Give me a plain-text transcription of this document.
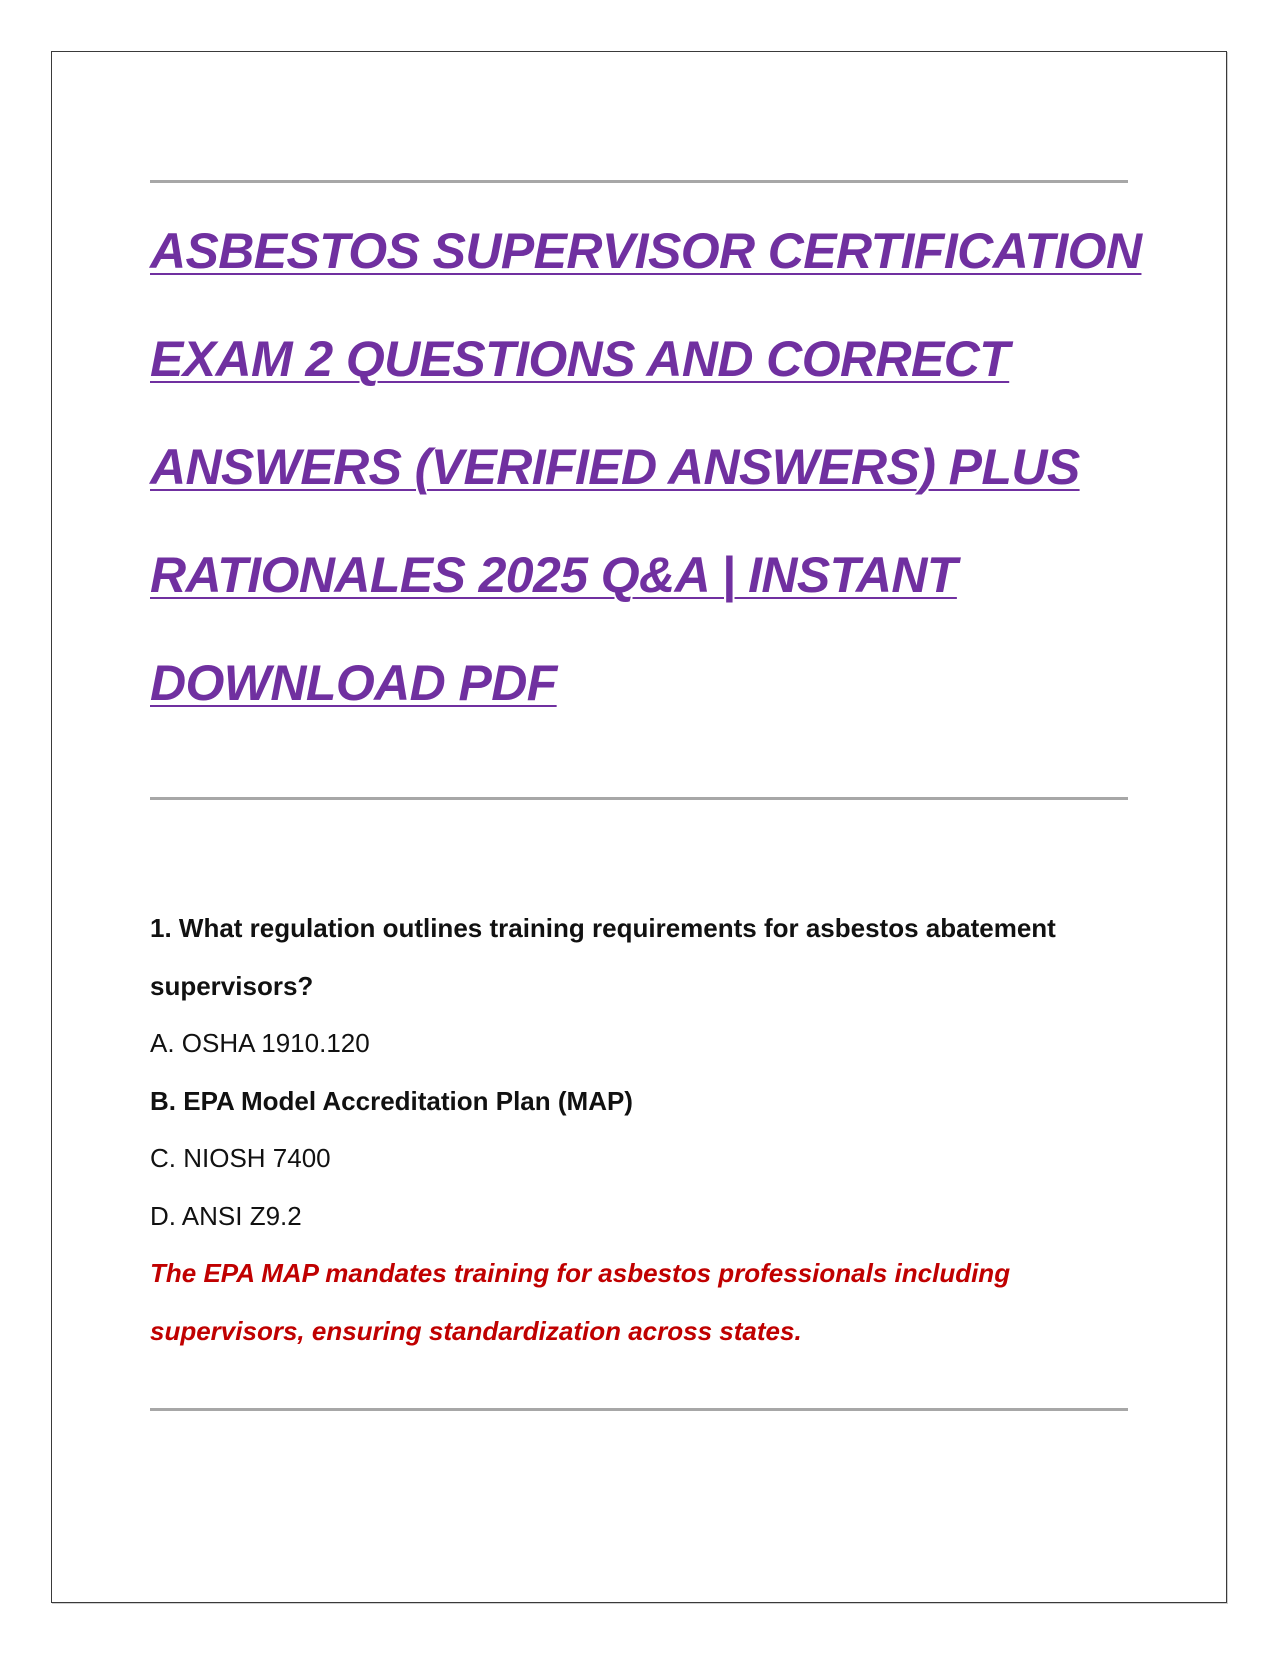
ASBESTOS SUPERVISOR CERTIFICATION
EXAM 2 QUESTIONS AND CORRECT
ANSWERS (VERIFIED ANSWERS) PLUS
RATIONALES 2025 Q&A | INSTANT
DOWNLOAD PDF
1. What regulation outlines training requirements for asbestos abatement
supervisors?
A. OSHA 1910.120
B. EPA Model Accreditation Plan (MAP)
C. NIOSH 7400
D. ANSI Z9.2
The EPA MAP mandates training for asbestos professionals including
supervisors, ensuring standardization across states.
